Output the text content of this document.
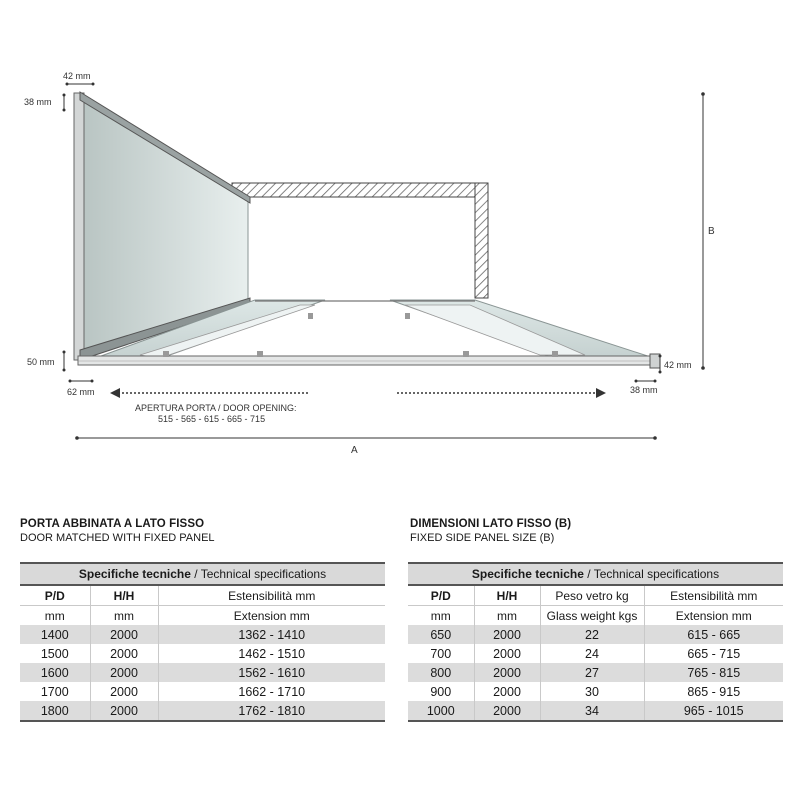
42 mm
38 mm
50 mm
62 mm
42 mm
38 mm
B
A
APERTURA PORTA / DOOR OPENING:
515 - 565 - 615 - 665 - 715
PORTA ABBINATA A LATO FISSO
DOOR MATCHED WITH FIXED PANEL
Specifiche tecniche / Technical specifications		
P/D	H/H	Estensibilità mm
mm	mm	Extension mm
1400	2000	1362 - 1410
1500	2000	1462 - 1510
1600	2000	1562 - 1610
1700	2000	1662 - 1710
1800	2000	1762 - 1810
DIMENSIONI LATO FISSO (B)
FIXED SIDE PANEL SIZE (B)
Specifiche tecniche / Technical specifications			
P/D	H/H	Peso vetro kg	Estensibilità mm
mm	mm	Glass weight kgs	Extension mm
650	2000	22	615 - 665
700	2000	24	665 - 715
800	2000	27	765 - 815
900	2000	30	865 - 915
1000	2000	34	965 - 1015
